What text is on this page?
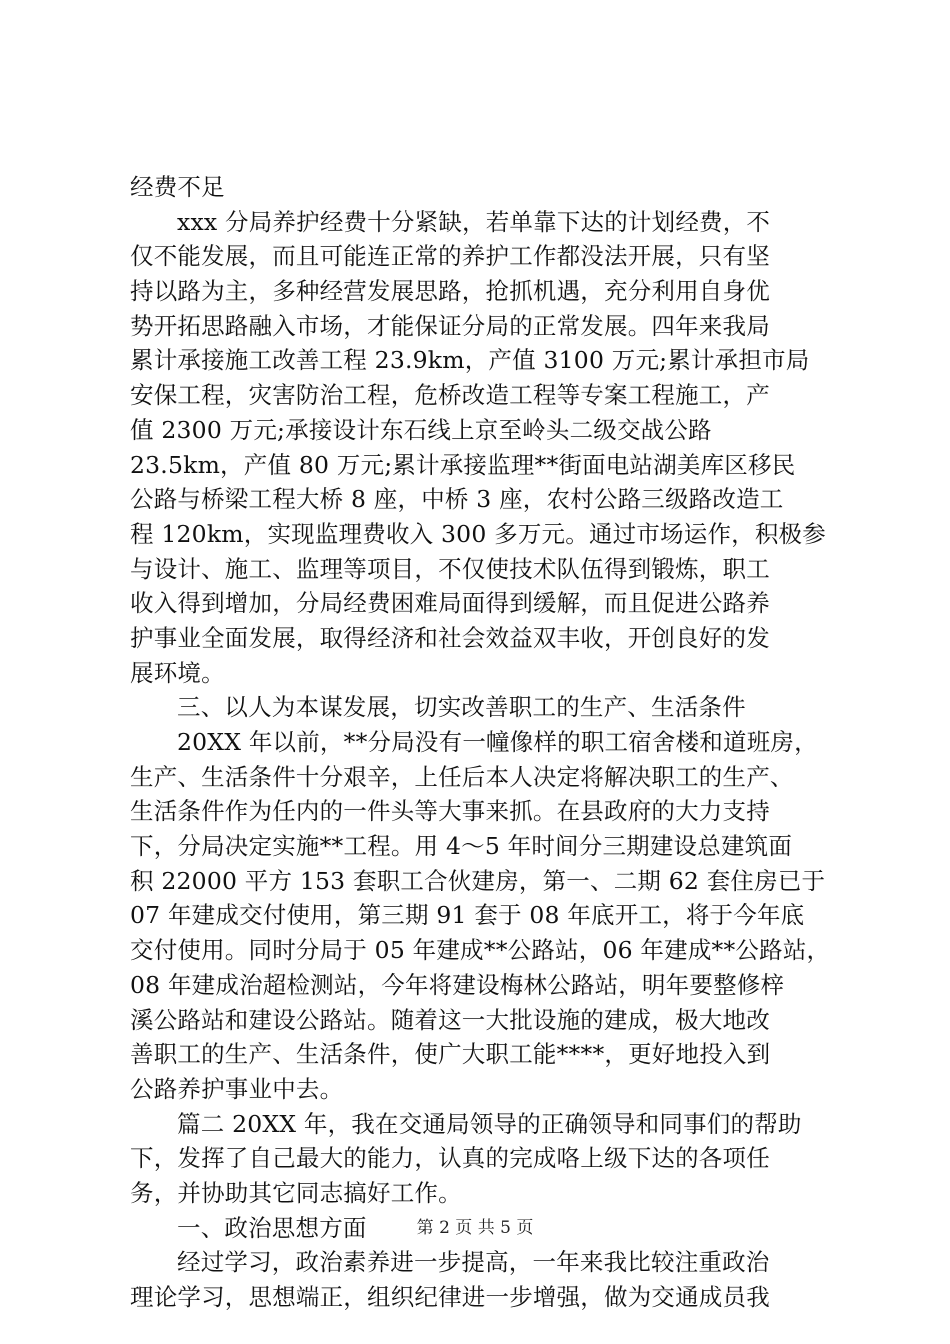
经费不足
xxx 分局养护经费十分紧缺，若单靠下达的计划经费，不
仅不能发展，而且可能连正常的养护工作都没法开展，只有坚
持以路为主，多种经营发展思路，抢抓机遇，充分利用自身优
势开拓思路融入市场，才能保证分局的正常发展。四年来我局
累计承接施工改善工程 23.9km，产值 3100 万元;累计承担市局
安保工程，灾害防治工程，危桥改造工程等专案工程施工，产
值 2300 万元;承接设计东石线上京至岭头二级交战公路
23.5km，产值 80 万元;累计承接监理**街面电站湖美库区移民
公路与桥梁工程大桥 8 座，中桥 3 座，农村公路三级路改造工
程 120km，实现监理费收入 300 多万元。通过市场运作，积极参
与设计、施工、监理等项目，不仅使技术队伍得到锻炼，职工
收入得到增加，分局经费困难局面得到缓解，而且促进公路养
护事业全面发展，取得经济和社会效益双丰收，开创良好的发
展环境。
三、以人为本谋发展，切实改善职工的生产、生活条件
20XX 年以前，**分局没有一幢像样的职工宿舍楼和道班房，
生产、生活条件十分艰辛，上任后本人决定将解决职工的生产、
生活条件作为任内的一件头等大事来抓。在县政府的大力支持
下，分局决定实施**工程。用 4～5 年时间分三期建设总建筑面
积 22000 平方 153 套职工合伙建房，第一、二期 62 套住房已于
07 年建成交付使用，第三期 91 套于 08 年底开工，将于今年底
交付使用。同时分局于 05 年建成**公路站，06 年建成**公路站，
08 年建成治超检测站，今年将建设梅林公路站，明年要整修梓
溪公路站和建设公路站。随着这一大批设施的建成，极大地改
善职工的生产、生活条件，使广大职工能****，更好地投入到
公路养护事业中去。
篇二 20XX 年，我在交通局领导的正确领导和同事们的帮助
下，发挥了自己最大的能力，认真的完成咯上级下达的各项任
务，并协助其它同志搞好工作。
一、政治思想方面
经过学习，政治素养进一步提高，一年来我比较注重政治
理论学习，思想端正，组织纪律进一步增强，做为交通成员我
第 2 页 共 5 页
